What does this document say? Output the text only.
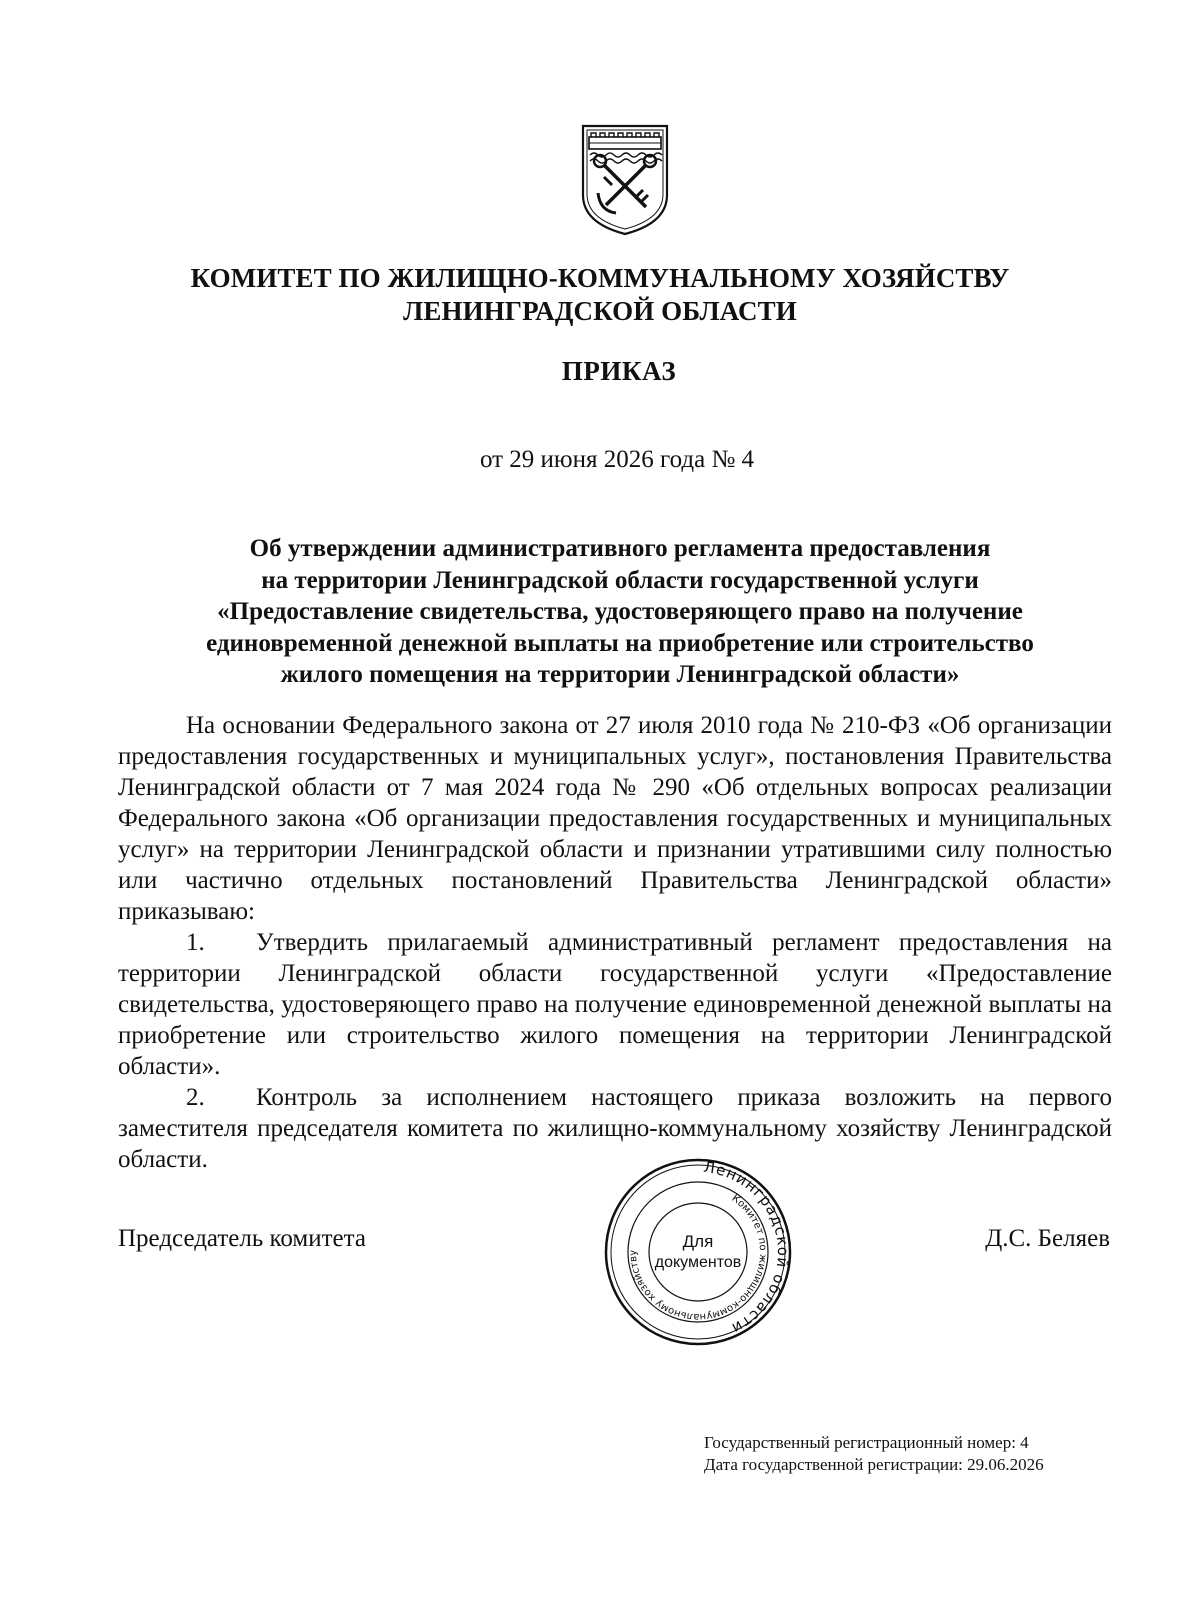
КОМИТЕТ ПО ЖИЛИЩНО-КОММУНАЛЬНОМУ ХОЗЯЙСТВУ
ЛЕНИНГРАДСКОЙ ОБЛАСТИ
ПРИКАЗ
от 29 июня 2026 года № 4
Об утверждении административного регламента предоставления
на территории Ленинградской области государственной услуги
«Предоставление свидетельства, удостоверяющего право на получение
единовременной денежной выплаты на приобретение или строительство
жилого помещения на территории Ленинградской области»

На основании Федерального закона от 27 июля 2010 года № 210-ФЗ «Об организации предоставления государственных и муниципальных услуг», постановления Правительства Ленинградской области от 7 мая 2024 года № 290 «Об отдельных вопросах реализации Федерального закона «Об организации предоставления государственных и муниципальных услуг» на территории Ленинградской области и признании утратившими силу полностью или частично отдельных постановлений Правительства Ленинградской области» приказываю:

1. Утвердить прилагаемый административный регламент предоставления на территории Ленинградской области государственной услуги «Предоставление свидетельства, удостоверяющего право на получение единовременной денежной выплаты на приобретение или строительство жилого помещения на территории Ленинградской области».

2. Контроль за исполнением настоящего приказа возложить на первого заместителя председателя комитета по жилищно-коммунальному хозяйству Ленинградской области.

Председатель комитета
Ленинградской области
Комитет по жилищно-коммунальному хозяйству
Для
документов
Д.С. Беляев
Государственный регистрационный номер: 4
Дата государственной регистрации: 29.06.2026
